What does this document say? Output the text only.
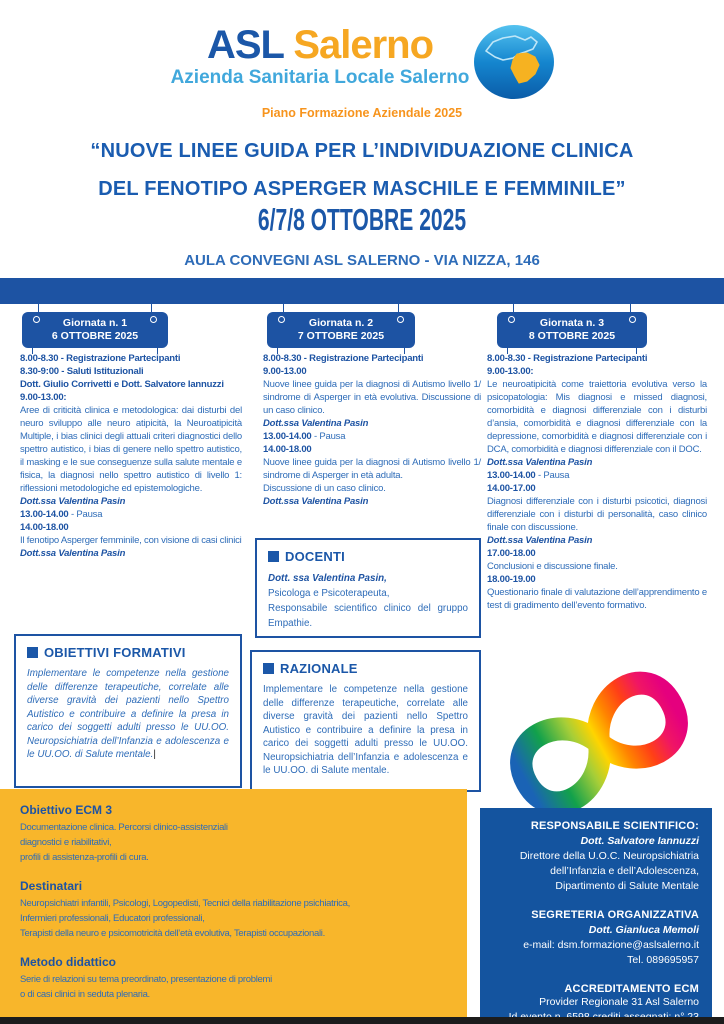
ASL Salerno
Azienda Sanitaria Locale Salerno
Piano Formazione Aziendale 2025
“NUOVE LINEE GUIDA PER L’INDIVIDUAZIONE CLINICA
DEL FENOTIPO ASPERGER MASCHILE E FEMMINILE”
6/7/8 OTTOBRE 2025
AULA CONVEGNI ASL SALERNO - VIA NIZZA, 146
Giornata n. 1
6 OTTOBRE 2025
8.00-8.30 - Registrazione Partecipanti
8.30-9:00 - Saluti Istituzionali
Dott. Giulio Corrivetti e Dott. Salvatore Iannuzzi
9.00-13.00:
Aree di criticità clinica e metodologica: dai disturbi del neuro sviluppo alle neuro atipicità, la Neuroatipicità Multiple, i bias clinici degli attuali criteri diagnostici dello spettro autistico, i bias di genere nello spettro autistico, il masking e le sue conseguenze sulla salute mentale e fisica, la diagnosi nello spettro autistico di livello 1: riflessioni metodologiche ed epistemologiche.
Dott.ssa Valentina Pasin
13.00-14.00 - Pausa
14.00-18.00
Il fenotipo Asperger femminile, con visione di casi clinici
Dott.ssa Valentina Pasin
Giornata n. 2
7 OTTOBRE 2025
8.00-8.30 - Registrazione Partecipanti
9.00-13.00
Nuove linee guida per la diagnosi di Autismo livello 1/ sindrome di Asperger in età evolutiva. Discussione di un caso clinico.
Dott.ssa Valentina Pasin
13.00-14.00 - Pausa
14.00-18.00
Nuove linee guida per la diagnosi di Autismo livello 1/ sindrome di Asperger in età adulta.
Discussione di un caso clinico.
Dott.ssa Valentina Pasin
Giornata n. 3
8 OTTOBRE 2025
8.00-8.30 - Registrazione Partecipanti
9.00-13.00:
Le neuroatipicità come traiettoria evolutiva verso la psicopatologia: Mis diagnosi e missed diagnosi, comorbidità e diagnosi differenziale con i disturbi d’ansia, comorbidità e diagnosi differenziale con la depressione, comorbidità e diagnosi differenziale con i DCA, comorbidità e diagnosi differenziale con il DOC.
Dott.ssa Valentina Pasin
13.00-14.00 - Pausa
14.00-17.00
Diagnosi differenziale con i disturbi psicotici, diagnosi differenziale con i disturbi di personalità, caso clinico finale con discussione.
Dott.ssa Valentina Pasin
17.00-18.00
Conclusioni e discussione finale.
18.00-19.00
Questionario finale di valutazione dell’apprendimento e test di gradimento dell’evento formativo.
DOCENTI
Dott. ssa Valentina Pasin,
Psicologa e Psicoterapeuta,
Responsabile scientifico clinico del gruppo Empathie.
OBIETTIVI FORMATIVI
Implementare le competenze nella gestione delle differenze terapeutiche, correlate alle diverse gravità dei pazienti nello Spettro Autistico e contribuire a definire la presa in carico dei soggetti adulti presso le UU.OO. Neuropsichiatria dell’Infanzia e adolescenza e le UU.OO. di Salute mentale.|
RAZIONALE
Implementare le competenze nella gestione delle differenze terapeutiche, correlate alle diverse gravità dei pazienti nello Spettro Autistico e contribuire a definire la presa in carico dei soggetti adulti presso le UU.OO. Neuropsichiatria dell’Infanzia e adolescenza e le UU.OO. di Salute mentale.
Obiettivo ECM 3
Documentazione clinica. Percorsi clinico-assistenziali
diagnostici e riabilitativi,
profili di assistenza-profili di cura.
Destinatari
Neuropsichiatri infantili, Psicologi, Logopedisti, Tecnici della riabilitazione psichiatrica,
Infermieri professionali, Educatori professionali,
Terapisti della neuro e psicomotricità dell’età evolutiva, Terapisti occupazionali.
Metodo didattico
Serie di relazioni su tema preordinato, presentazione di problemi
o di casi clinici in seduta plenaria.
RESPONSABILE SCIENTIFICO:
Dott. Salvatore Iannuzzi
Direttore della U.O.C. Neuropsichiatria
dell’Infanzia e dell’Adolescenza,
Dipartimento di Salute Mentale
SEGRETERIA ORGANIZZATIVA
Dott. Gianluca Memoli
e-mail: dsm.formazione@aslsalerno.it
Tel. 089695957
ACCREDITAMENTO ECM
Provider Regionale 31 Asl Salerno
